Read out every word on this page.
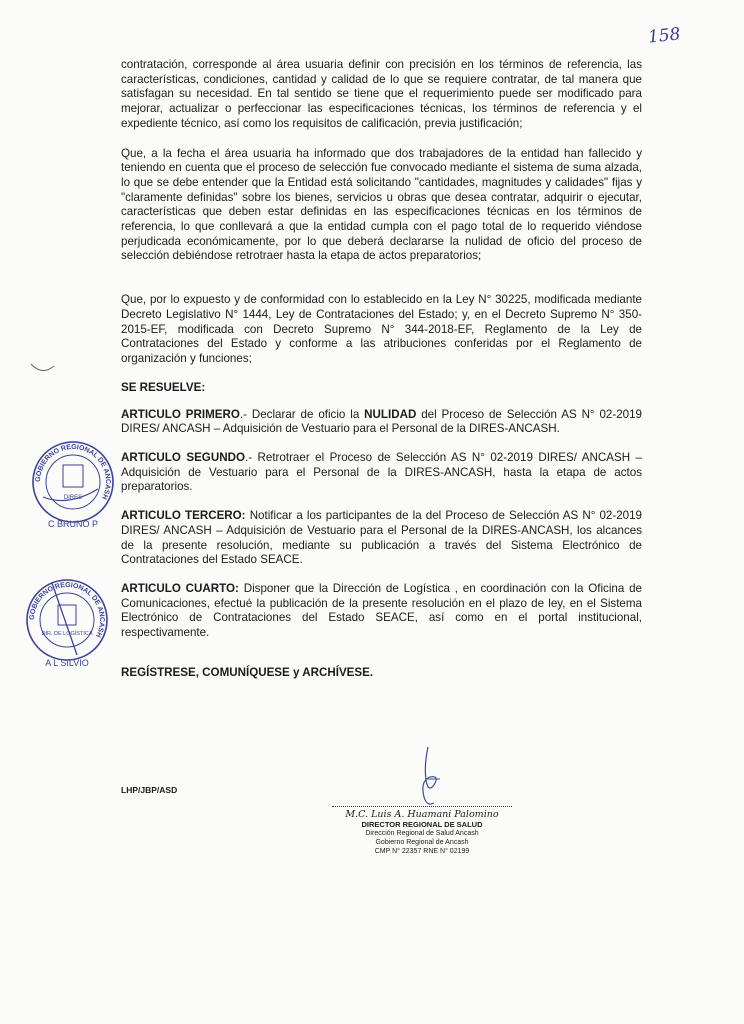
158
GOBIERNO REGIONAL DE ANCASH
DIRES
C BRUNO P
GOBIERNO REGIONAL DE ANCASH
DIR. DE LOGÍSTICA
A L SILVIO

contratación, corresponde al área usuaria definir con precisión en los términos de referencia, las características, condiciones, cantidad y calidad de lo que se requiere contratar, de tal manera que satisfagan su necesidad. En tal sentido se tiene que el requerimiento puede ser modificado para mejorar, actualizar o perfeccionar las especificaciones técnicas, los términos de referencia y el expediente técnico, así como los requisitos de calificación, previa justificación;

Que, a la fecha el área usuaria ha informado que dos trabajadores de la entidad han fallecido y teniendo en cuenta que el proceso de selección fue convocado mediante el sistema de suma alzada, lo que se debe entender que la Entidad está solicitando "cantidades, magnitudes y calidades" fijas y "claramente definidas" sobre los bienes, servicios u obras que desea contratar, adquirir o ejecutar, características que deben estar definidas en las especificaciones técnicas en los términos de referencia, lo que conllevará a que la entidad cumpla con el pago total de lo requerido viéndose perjudicada económicamente, por lo que deberá declararse la nulidad de oficio del proceso de selección debiéndose retrotraer hasta la etapa de actos preparatorios;

Que, por lo expuesto y de conformidad con lo establecido en la Ley N° 30225, modificada mediante Decreto Legislativo N° 1444, Ley de Contrataciones del Estado; y, en el Decreto Supremo N° 350-2015-EF, modificada con Decreto Supremo N° 344-2018-EF, Reglamento de la Ley de Contrataciones del Estado y conforme a las atribuciones conferidas por el Reglamento de organización y funciones;

SE RESUELVE:

ARTICULO PRIMERO.- Declarar de oficio la NULIDAD del Proceso de Selección AS N° 02-2019 DIRES/ ANCASH – Adquisición de Vestuario para el Personal de la DIRES-ANCASH.

ARTICULO SEGUNDO.- Retrotraer el Proceso de Selección AS N° 02-2019 DIRES/ ANCASH – Adquisición de Vestuario para el Personal de la DIRES-ANCASH, hasta la etapa de actos preparatorios.

ARTICULO TERCERO: Notificar a los participantes de la del Proceso de Selección AS N° 02-2019 DIRES/ ANCASH – Adquisición de Vestuario para el Personal de la DIRES-ANCASH, los alcances de la presente resolución, mediante su publicación a través del Sistema Electrónico de Contrataciones del Estado SEACE.

ARTICULO CUARTO: Disponer que la Dirección de Logística , en coordinación con la Oficina de Comunicaciones, efectué la publicación de la presente resolución en el plazo de ley, en el Sistema Electrónico de Contrataciones del Estado SEACE, así como en el portal institucional, respectivamente.

REGÍSTRESE, COMUNÍQUESE y ARCHÍVESE.

LHP/JBP/ASD
M.C. Luis A. Huamani Palomino
DIRECTOR REGIONAL DE SALUD
Dirección Regional de Salud Ancash
Gobierno Regional de Ancash
CMP N° 22357 RNE N° 02199
